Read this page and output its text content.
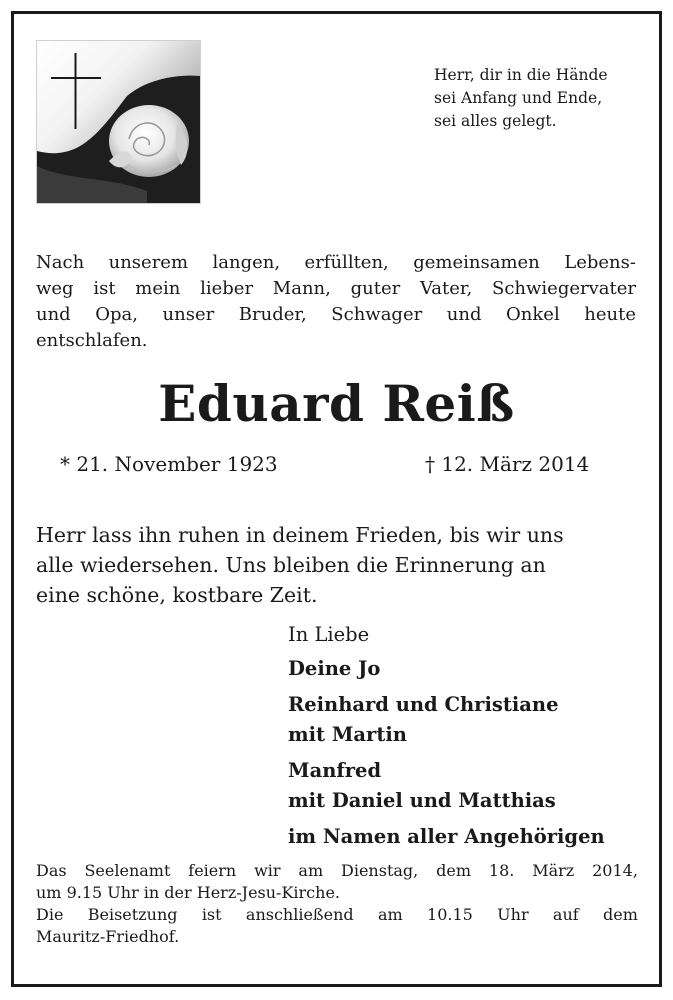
Herr, dir in die Hände
sei Anfang und Ende,
sei alles gelegt.
Nach unserem langen, erfüllten, gemeinsamen Lebens-
weg ist mein lieber Mann, guter Vater, Schwiegervater
und Opa, unser Bruder, Schwager und Onkel heute
entschlafen.
Eduard Reiß
* 21. November 1923	† 12. März 2014
Herr lass ihn ruhen in deinem Frieden, bis wir uns
alle wiedersehen. Uns bleiben die Erinnerung an
eine schöne, kostbare Zeit.
In Liebe
Deine Jo
Reinhard und Christiane
mit Martin
Manfred
mit Daniel und Matthias
im Namen aller Angehörigen
Das Seelenamt feiern wir am Dienstag, dem 18. März 2014,
um 9.15 Uhr in der Herz-Jesu-Kirche.
Die Beisetzung ist anschließend am 10.15 Uhr auf dem
Mauritz-Friedhof.
